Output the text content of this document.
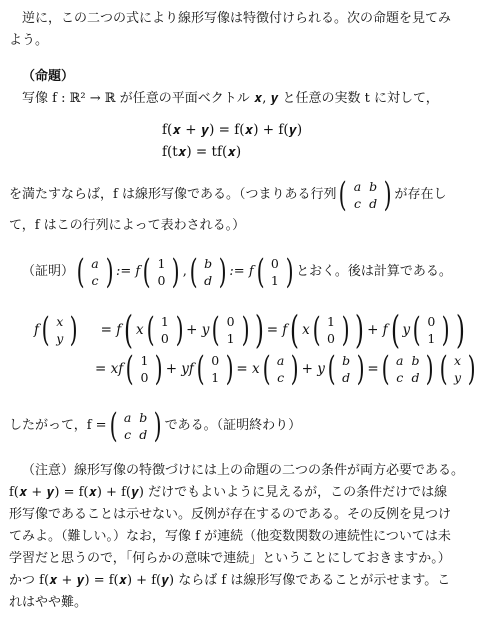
逆に，この二つの式により線形写像は特徴付けられる。次の命題を見てみ
よう。
（命題）
写像 f : ℝ² → ℝ が任意の平面ベクトル 𝒙, 𝒚 と任意の実数 t に対して，
f(𝒙 + 𝒚) = f(𝒙) + f(𝒚)
f(t𝒙) = tf(𝒙)
を満たすならば，f は線形写像である。（つまりある行列 ( a	b
c	d ) が存在し
て，f はこの行列によって表わされる。）
（証明） ( a
c ) :=
f ( 1
0 ) , ( b
d ) :=
f ( 0
1 ) とおく。後は計算である。
f ( x
y ) = f ( x ( 1
0 ) + y ( 0
1 ) ) = f ( x ( 1
0 ) ) + f ( y ( 0
1 ) )
= xf ( 1
0 ) + yf ( 0
1 ) = x ( a
c ) + y ( b
d ) = ( a	b
c	d ) ( x
y )
したがって，f = ( a	b
c	d ) である。（証明終わり）
（注意）線形写像の特徴づけには上の命題の二つの条件が両方必要である。
f(𝒙 + 𝒚) = f(𝒙) + f(𝒚) だけでもよいように見えるが，この条件だけでは線
形写像であることは示せない。反例が存在するのである。その反例を見つけ
てみよ。（難しい。）なお，写像 f が連続（他変数関数の連続性については未
学習だと思うので，「何らかの意味で連続」ということにしておきますか。）
かつ f(𝒙 + 𝒚) = f(𝒙) + f(𝒚) ならば f は線形写像であることが示せます。こ
れはやや難。
